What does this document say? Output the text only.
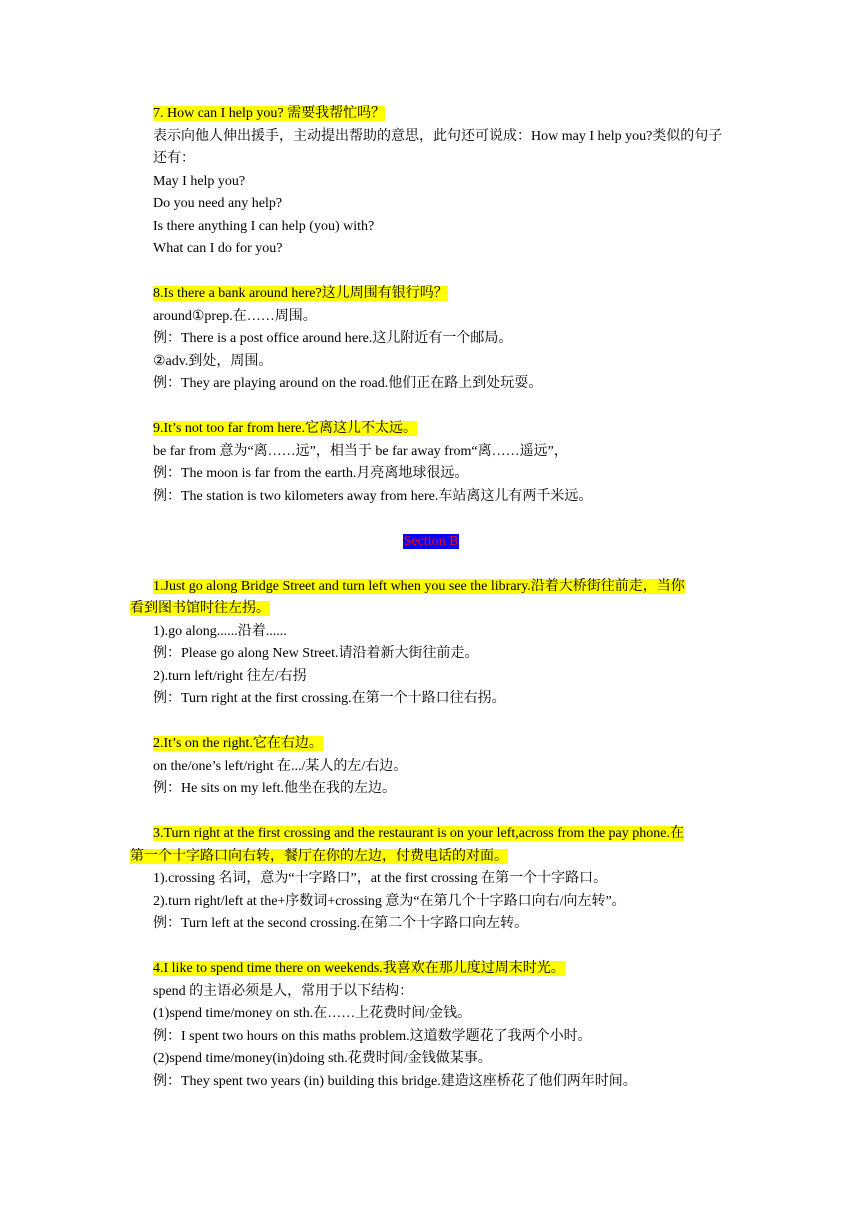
7. How can I help you? 需要我帮忙吗？

表示向他人伸出援手，主动提出帮助的意思，此句还可说成：How may I help you?类似的句子还有：

May I help you?

Do you need any help?

Is there anything I can help (you) with?

What can I do for you?

8.Is there a bank around here?这儿周围有银行吗？

around①prep.在……周围。

例：There is a post office around here.这儿附近有一个邮局。

②adv.到处，周围。

例：They are playing around on the road.他们正在路上到处玩耍。

9.It’s not too far from here.它离这儿不太远。

be far from 意为“离……远”，相当于 be far away from“离……遥远”，

例：The moon is far from the earth.月亮离地球很远。

例：The station is two kilometers away from here.车站离这儿有两千米远。

Section B

1.Just go along Bridge Street and turn left when you see the library.沿着大桥街往前走，当你

看到图书馆时往左拐。

1).go along......沿着......

例：Please go along New Street.请沿着新大街往前走。

2).turn left/right 往左/右拐

例：Turn right at the first crossing.在第一个十路口往右拐。

2.It’s on the right.它在右边。

on the/one’s left/right 在.../某人的左/右边。

例：He sits on my left.他坐在我的左边。

3.Turn right at the first crossing and the restaurant is on your left,across from the pay phone.在

第一个十字路口向右转，餐厅在你的左边，付费电话的对面。

1).crossing 名词，意为“十字路口”，at the first crossing 在第一个十字路口。

2).turn right/left at the+序数词+crossing 意为“在第几个十字路口向右/向左转”。

例：Turn left at the second crossing.在第二个十字路口向左转。

4.I like to spend time there on weekends.我喜欢在那儿度过周末时光。

spend 的主语必须是人，常用于以下结构：

(1)spend time/money on sth.在……上花费时间/金钱。

例：I spent two hours on this maths problem.这道数学题花了我两个小时。

(2)spend time/money(in)doing sth.花费时间/金钱做某事。

例：They spent two years (in) building this bridge.建造这座桥花了他们两年时间。
